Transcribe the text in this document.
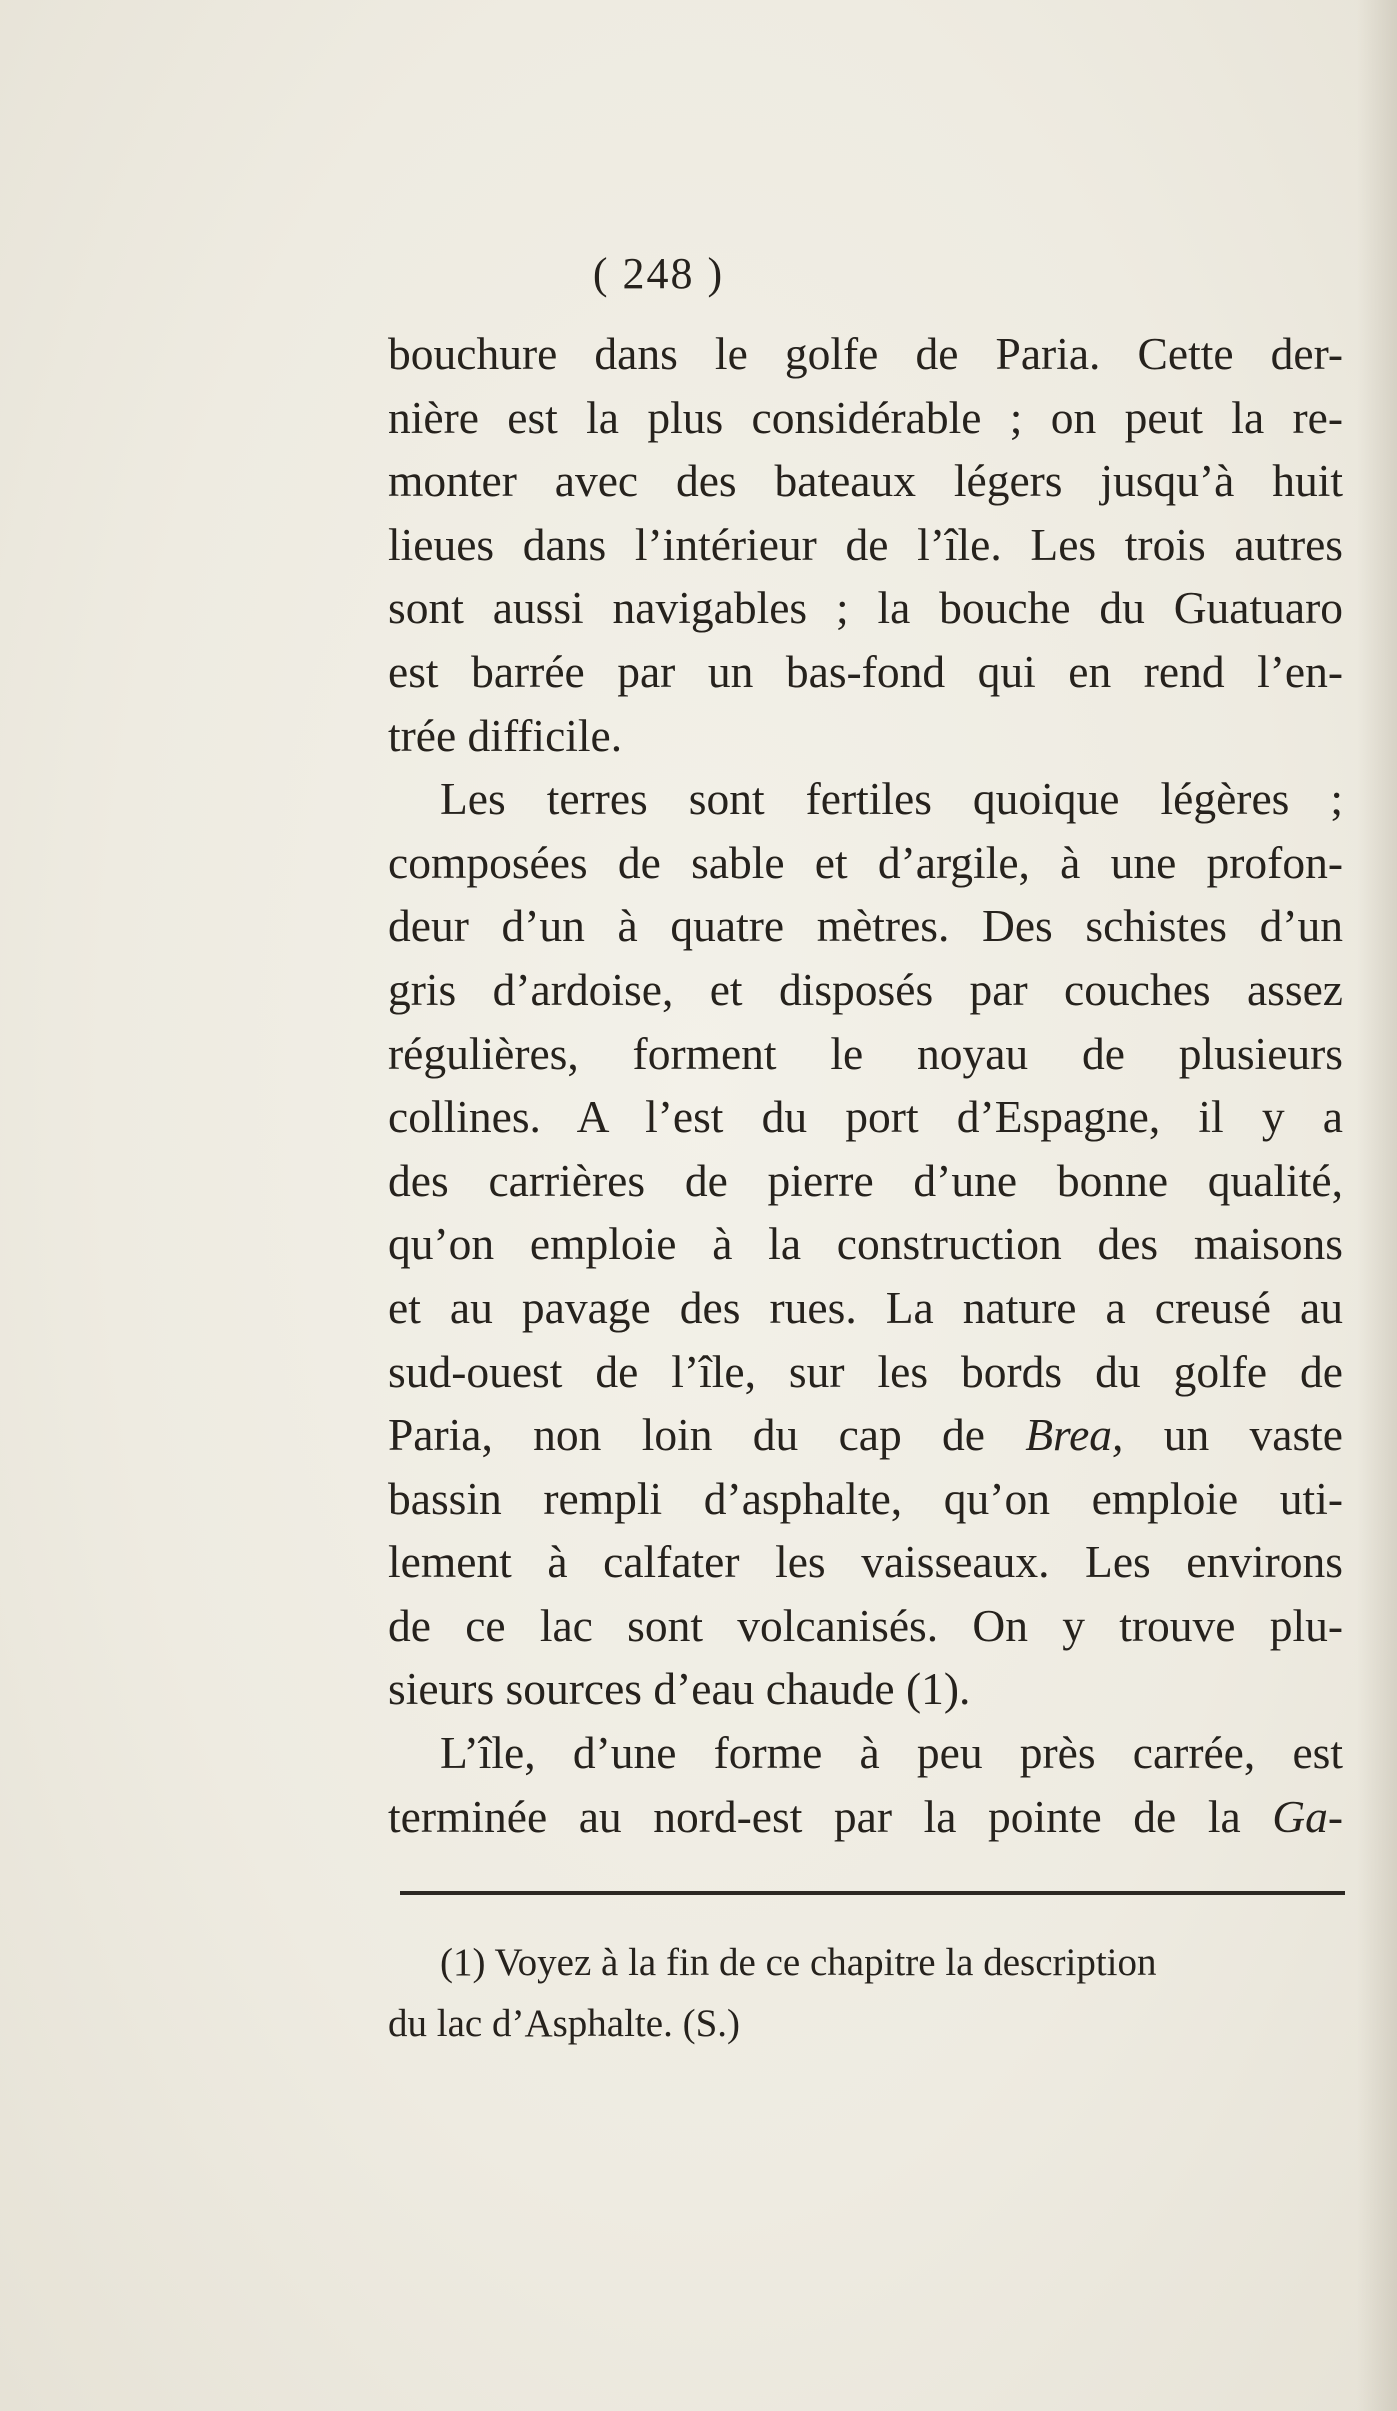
( 248 )
bouchure dans le golfe de Paria. Cette der-
nière est la plus considérable ; on peut la re-
monter avec des bateaux légers jusqu’à huit
lieues dans l’intérieur de l’île. Les trois autres
sont aussi navigables ; la bouche du Guatuaro
est barrée par un bas-fond qui en rend l’en-
trée difficile.
Les terres sont fertiles quoique légères ;
composées de sable et d’argile, à une profon-
deur d’un à quatre mètres. Des schistes d’un
gris d’ardoise, et disposés par couches assez
régulières, forment le noyau de plusieurs
collines. A l’est du port d’Espagne, il y a
des carrières de pierre d’une bonne qualité,
qu’on emploie à la construction des maisons
et au pavage des rues. La nature a creusé au
sud-ouest de l’île, sur les bords du golfe de
Paria, non loin du cap de Brea, un vaste
bassin rempli d’asphalte, qu’on emploie uti-
lement à calfater les vaisseaux. Les environs
de ce lac sont volcanisés. On y trouve plu-
sieurs sources d’eau chaude (1).
L’île, d’une forme à peu près carrée, est
terminée au nord-est par la pointe de la Ga-
(1) Voyez à la fin de ce chapitre la description
du lac d’Asphalte. (S.)
